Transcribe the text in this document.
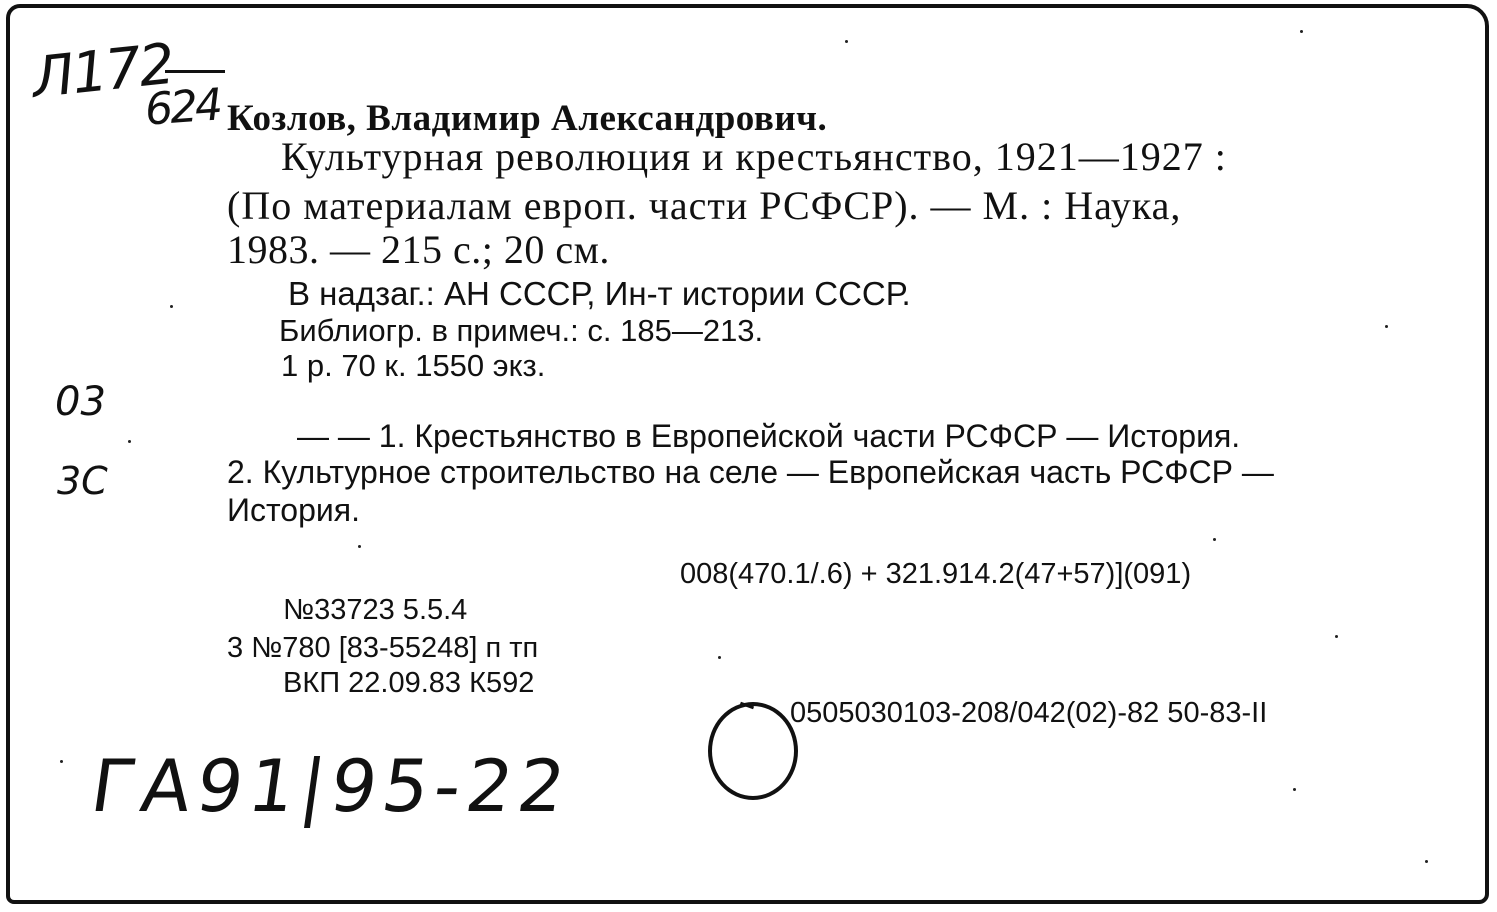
Л172
624 Козлов, Владимир Александрович.
Культурная революция и крестьянство, 1921—1927 :
(По материалам европ. части РСФСР). — М. : Наука,
1983. — 215 с.; 20 см.
В надзаг.: АН СССР, Ин-т истории СССР.
Библиогр. в примеч.: с. 185—213.
1 р. 70 к. 1550 экз.
03
3C
— — 1. Крестьянство в Европейской части РСФСР — История.
2. Культурное строительство на селе — Европейская часть РСФСР —
История.
008(470.1/.6) + 321.914.2(47+57)](091)
№33723 5.5.4
3 №780 [83-55248] п тп
ВКП 22.09.83 К592
0505030103-208/042(02)-82 50-83-II
ГА91|95-22
